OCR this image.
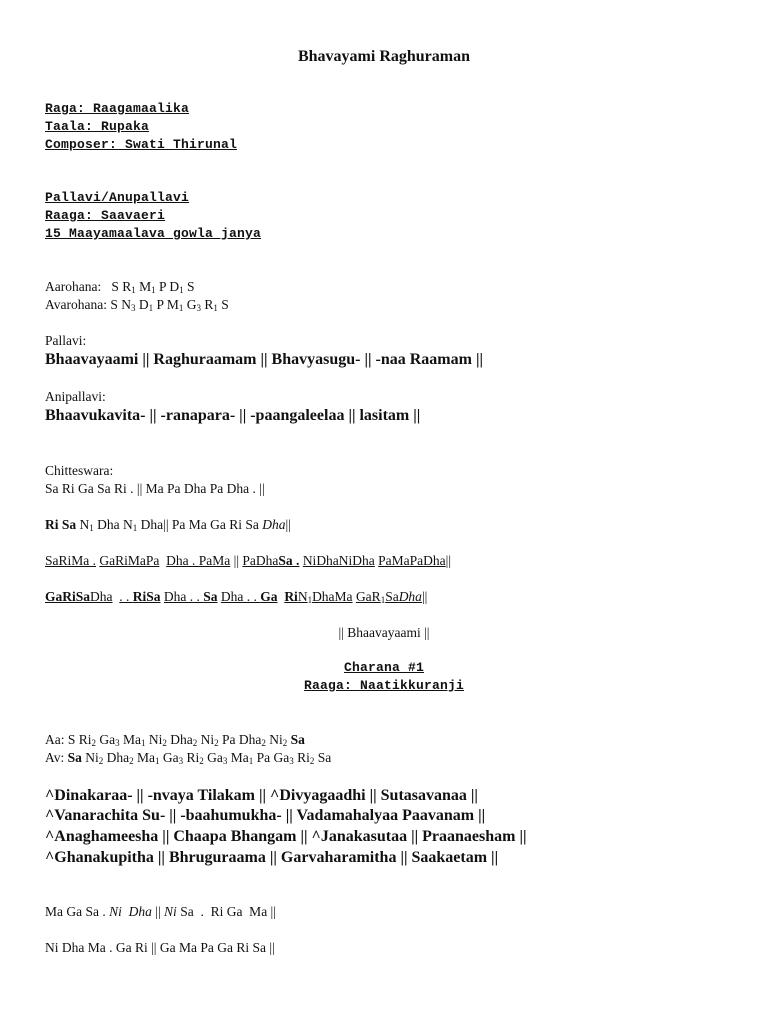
Bhavayami Raghuraman
Raga: Raagamaalika
Taala: Rupaka
Composer: Swati Thirunal
Pallavi/Anupallavi
Raaga: Saavaeri
15 Maayamaalava gowla janya
Aarohana:   S $R_1$ $M_1$ P $D_1$ S
Avarohana: S $N_3$ $D_1$ P $M_1$ $G_3$ $R_1$ S
Pallavi:
Bhaavayaami || Raghuraamam || Bhavyasugu- || -naa Raamam ||
Anipallavi:
Bhaavukavita- || -ranapara- || -paangaleelaa || lasitam ||
Chitteswara:
Sa Ri Ga Sa Ri . || Ma Pa Dha Pa Dha . ||
Ri Sa $N_1$ Dha $N_1$ Dha|| Pa Ma Ga Ri Sa Dha||
SaRiMa . GaRiMaPa Dha . PaMa || PaDhaSa . NiDhaNiDha PaMaPaDha||
GaRiSaDha . . RiSa Dha . . Sa Dha . . Ga RiN$_1$DhaMa GaR$_1$SaDha||
|| Bhaavayaami ||
Charana #1
Raaga: Naatikkuranji
Aa: S $Ri_2$ $Ga_3$ $Ma_1$ $Ni_2$ Dha$_2$ $Ni_2$ Pa Dha$_2$ $Ni_2$ Sa
Av: Sa $Ni_2$ Dha$_2$ $Ma_1$ $Ga_3$ $Ri_2$ $Ga_3$ $Ma_1$ Pa $Ga_3$ $Ri_2$ Sa
^Dinakaraa- || -nvaya Tilakam || ^Divyagaadhi || Sutasavanaa ||
^Vanarachita Su- || -baahumukha- || Vadamahalyaa Paavanam ||
^Anaghameesha || Chaapa Bhangam || ^Janakasutaa || Praanaesham ||
^Ghanakupitha || Bhruguraama || Garvaharamitha || Saakaetam ||
Ma Ga Sa . Ni  Dha || Ni Sa  .  Ri Ga  Ma ||
Ni Dha Ma . Ga Ri || Ga Ma Pa Ga Ri Sa ||
